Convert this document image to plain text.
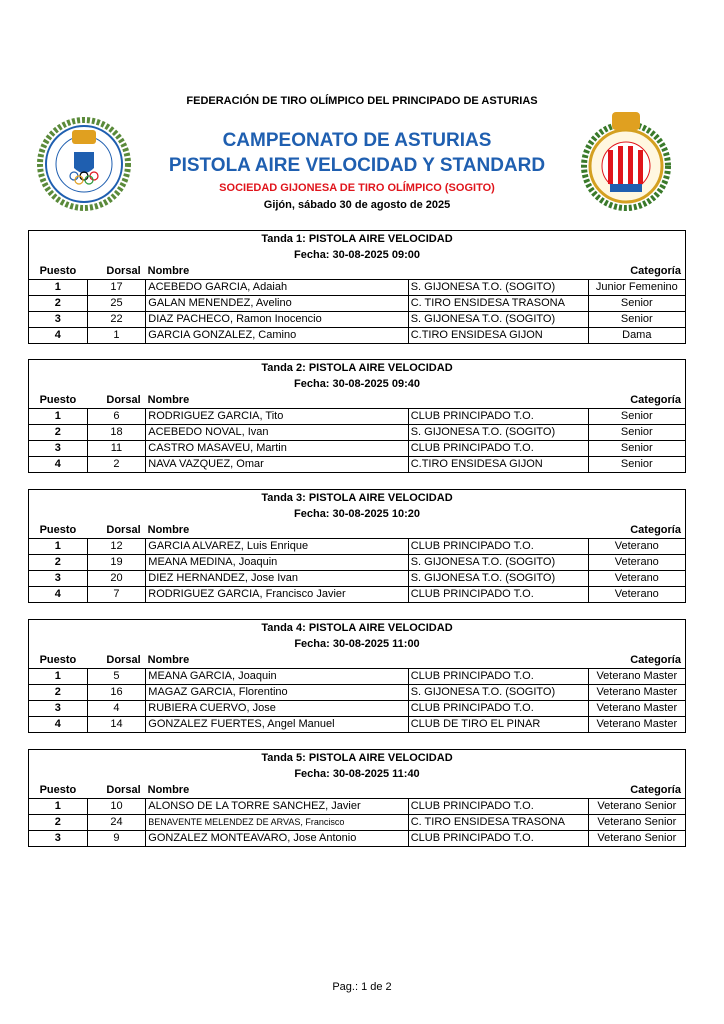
FEDERACIÓN DE TIRO OLÍMPICO DEL PRINCIPADO DE ASTURIAS
CAMPEONATO DE ASTURIAS
PISTOLA AIRE VELOCIDAD Y STANDARD
SOCIEDAD GIJONESA DE TIRO OLÍMPICO (SOGITO)
Gijón, sábado 30 de agosto de 2025
Tanda 1: PISTOLA AIRE VELOCIDAD
Fecha: 30-08-2025 09:00
Puesto	Dorsal Nombre	Categoría
1	17	ACEBEDO GARCIA, Adaiah	S. GIJONESA T.O. (SOGITO)	Junior Femenino
2	25	GALAN MENENDEZ, Avelino	C. TIRO ENSIDESA TRASONA	Senior
3	22	DIAZ PACHECO, Ramon Inocencio	S. GIJONESA T.O. (SOGITO)	Senior
4	1	GARCIA GONZALEZ, Camino	C.TIRO ENSIDESA GIJON	Dama
Tanda 2: PISTOLA AIRE VELOCIDAD
Fecha: 30-08-2025 09:40
Puesto	Dorsal Nombre	Categoría
1	6	RODRIGUEZ GARCIA, Tito	CLUB PRINCIPADO T.O.	Senior
2	18	ACEBEDO NOVAL, Ivan	S. GIJONESA T.O. (SOGITO)	Senior
3	11	CASTRO MASAVEU, Martin	CLUB PRINCIPADO T.O.	Senior
4	2	NAVA VAZQUEZ, Omar	C.TIRO ENSIDESA GIJON	Senior
Tanda 3: PISTOLA AIRE VELOCIDAD
Fecha: 30-08-2025 10:20
Puesto	Dorsal Nombre	Categoría
1	12	GARCIA ALVAREZ, Luis Enrique	CLUB PRINCIPADO T.O.	Veterano
2	19	MEANA MEDINA, Joaquin	S. GIJONESA T.O. (SOGITO)	Veterano
3	20	DIEZ HERNANDEZ, Jose Ivan	S. GIJONESA T.O. (SOGITO)	Veterano
4	7	RODRIGUEZ GARCIA, Francisco Javier	CLUB PRINCIPADO T.O.	Veterano
Tanda 4: PISTOLA AIRE VELOCIDAD
Fecha: 30-08-2025 11:00
Puesto	Dorsal Nombre	Categoría
1	5	MEANA GARCIA, Joaquin	CLUB PRINCIPADO T.O.	Veterano Master
2	16	MAGAZ GARCIA, Florentino	S. GIJONESA T.O. (SOGITO)	Veterano Master
3	4	RUBIERA CUERVO, Jose	CLUB PRINCIPADO T.O.	Veterano Master
4	14	GONZALEZ FUERTES, Angel Manuel	CLUB DE TIRO EL PINAR	Veterano Master
Tanda 5: PISTOLA AIRE VELOCIDAD
Fecha: 30-08-2025 11:40
Puesto	Dorsal Nombre	Categoría
1	10	ALONSO DE LA TORRE SANCHEZ, Javier	CLUB PRINCIPADO T.O.	Veterano Senior
2	24	BENAVENTE MELENDEZ DE ARVAS, Francisco	C. TIRO ENSIDESA TRASONA	Veterano Senior
3	9	GONZALEZ MONTEAVARO, Jose Antonio	CLUB PRINCIPADO T.O.	Veterano Senior
Pag.: 1 de 2
